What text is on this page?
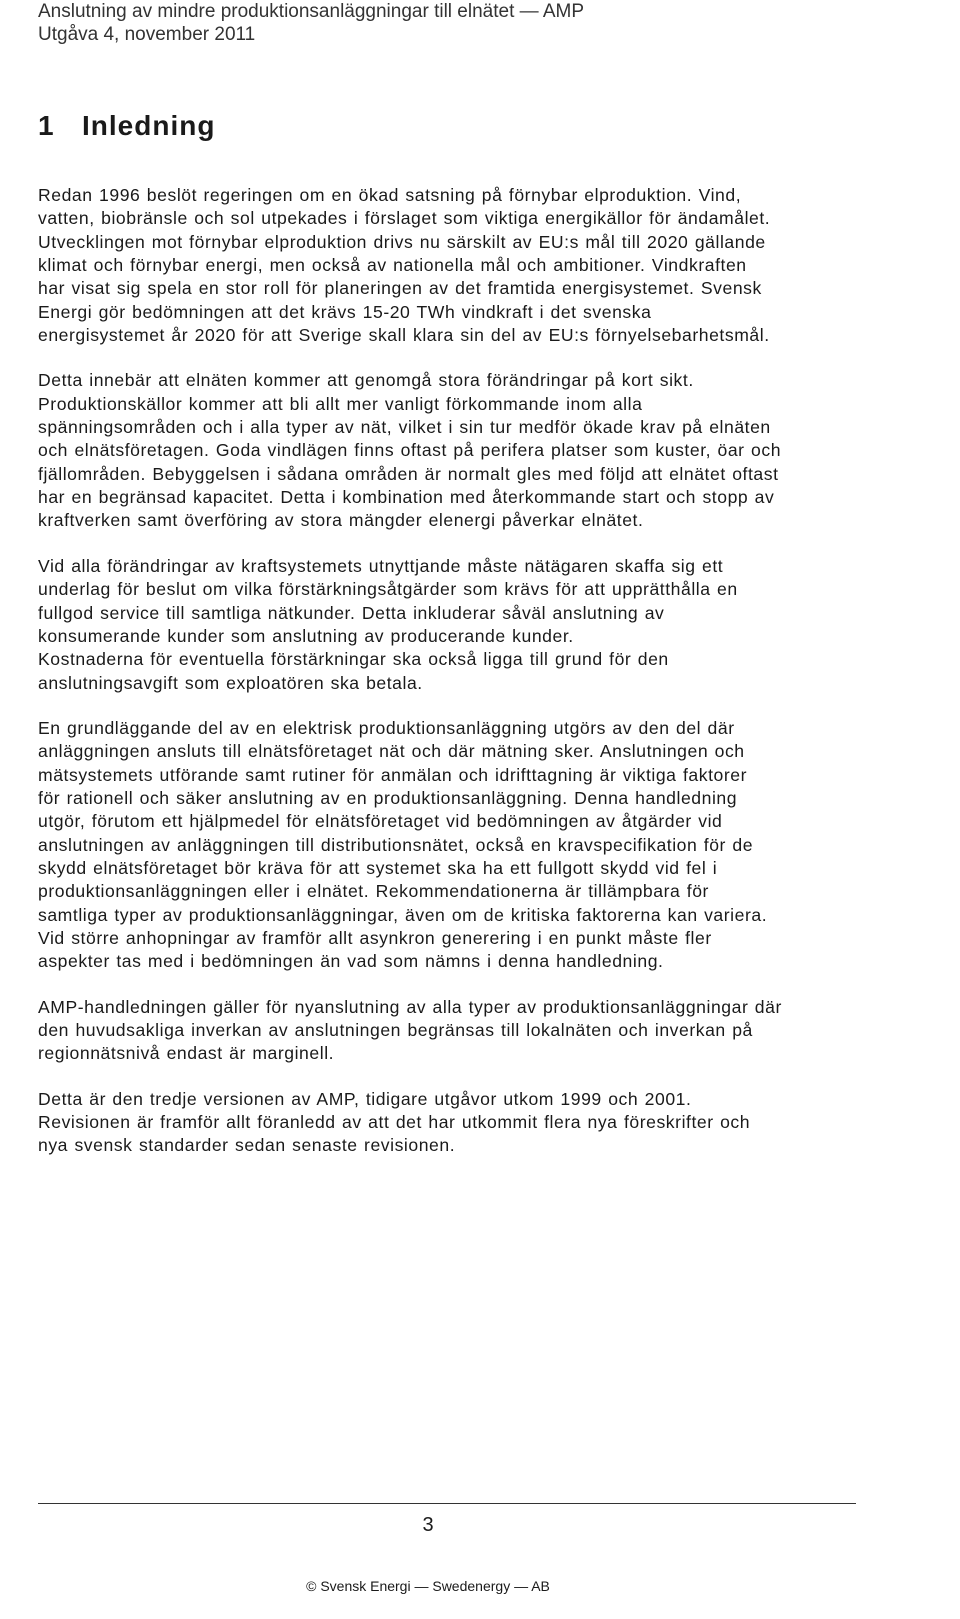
Anslutning av mindre produktionsanläggningar till elnätet — AMP
Utgåva 4, november 2011
1 Inledning

Redan 1996 beslöt regeringen om en ökad satsning på förnybar elproduktion. Vind,
vatten, biobränsle och sol utpekades i förslaget som viktiga energikällor för ändamålet.
Utvecklingen mot förnybar elproduktion drivs nu särskilt av EU:s mål till 2020 gällande
klimat och förnybar energi, men också av nationella mål och ambitioner. Vindkraften
har visat sig spela en stor roll för planeringen av det framtida energisystemet. Svensk
Energi gör bedömningen att det krävs 15-20 TWh vindkraft i det svenska
energisystemet år 2020 för att Sverige skall klara sin del av EU:s förnyelsebarhetsmål.

Detta innebär att elnäten kommer att genomgå stora förändringar på kort sikt.
Produktionskällor kommer att bli allt mer vanligt förkommande inom alla
spänningsområden och i alla typer av nät, vilket i sin tur medför ökade krav på elnäten
och elnätsföretagen. Goda vindlägen finns oftast på perifera platser som kuster, öar och
fjällområden. Bebyggelsen i sådana områden är normalt gles med följd att elnätet oftast
har en begränsad kapacitet. Detta i kombination med återkommande start och stopp av
kraftverken samt överföring av stora mängder elenergi påverkar elnätet.

Vid alla förändringar av kraftsystemets utnyttjande måste nätägaren skaffa sig ett
underlag för beslut om vilka förstärkningsåtgärder som krävs för att upprätthålla en
fullgod service till samtliga nätkunder. Detta inkluderar såväl anslutning av
konsumerande kunder som anslutning av producerande kunder.
Kostnaderna för eventuella förstärkningar ska också ligga till grund för den
anslutningsavgift som exploatören ska betala.

En grundläggande del av en elektrisk produktionsanläggning utgörs av den del där
anläggningen ansluts till elnätsföretaget nät och där mätning sker. Anslutningen och
mätsystemets utförande samt rutiner för anmälan och idrifttagning är viktiga faktorer
för rationell och säker anslutning av en produktionsanläggning. Denna handledning
utgör, förutom ett hjälpmedel för elnätsföretaget vid bedömningen av åtgärder vid
anslutningen av anläggningen till distributionsnätet, också en kravspecifikation för de
skydd elnätsföretaget bör kräva för att systemet ska ha ett fullgott skydd vid fel i
produktionsanläggningen eller i elnätet. Rekommendationerna är tillämpbara för
samtliga typer av produktionsanläggningar, även om de kritiska faktorerna kan variera.
Vid större anhopningar av framför allt asynkron generering i en punkt måste fler
aspekter tas med i bedömningen än vad som nämns i denna handledning.

AMP-handledningen gäller för nyanslutning av alla typer av produktionsanläggningar där
den huvudsakliga inverkan av anslutningen begränsas till lokalnäten och inverkan på
regionnätsnivå endast är marginell.

Detta är den tredje versionen av AMP, tidigare utgåvor utkom 1999 och 2001.
Revisionen är framför allt föranledd av att det har utkommit flera nya föreskrifter och
nya svensk standarder sedan senaste revisionen.

3
© Svensk Energi — Swedenergy — AB
